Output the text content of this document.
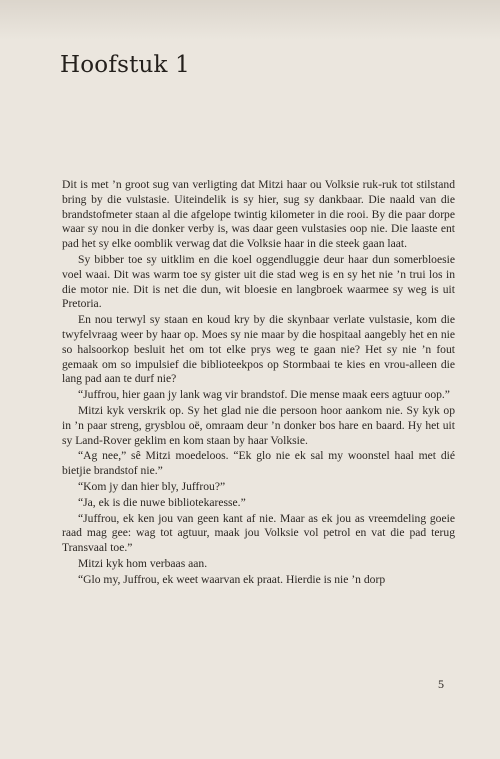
Hoofstuk 1

Dit is met ’n groot sug van verligting dat Mitzi haar ou Volksie ruk-ruk tot stilstand bring by die vulstasie. Uiteindelik is sy hier, sug sy dankbaar. Die naald van die brandstofmeter staan al die afgelope twintig kilometer in die rooi. By die paar dorpe waar sy nou in die donker verby is, was daar geen vulstasies oop nie. Die laaste ent pad het sy elke oomblik verwag dat die Volksie haar in die steek gaan laat.

Sy bibber toe sy uitklim en die koel oggendluggie deur haar dun somerbloesie voel waai. Dit was warm toe sy gister uit die stad weg is en sy het nie ’n trui los in die motor nie. Dit is net die dun, wit bloesie en langbroek waarmee sy weg is uit Pretoria.

En nou terwyl sy staan en koud kry by die skynbaar verlate vulstasie, kom die twyfelvraag weer by haar op. Moes sy nie maar by die hospitaal aangebly het en nie so halsoorkop besluit het om tot elke prys weg te gaan nie? Het sy nie ’n fout gemaak om so impulsief die biblioteekpos op Stormbaai te kies en vrou-alleen die lang pad aan te durf nie?

“Juffrou, hier gaan jy lank wag vir brandstof. Die mense maak eers agtuur oop.”

Mitzi kyk verskrik op. Sy het glad nie die persoon hoor aankom nie. Sy kyk op in ’n paar streng, grysblou oë, omraam deur ’n donker bos hare en baard. Hy het uit sy Land-Rover geklim en kom staan by haar Volksie.

“Ag nee,” sê Mitzi moedeloos. “Ek glo nie ek sal my woonstel haal met dié bietjie brandstof nie.”

“Kom jy dan hier bly, Juffrou?”

“Ja, ek is die nuwe bibliotekaresse.”

“Juffrou, ek ken jou van geen kant af nie. Maar as ek jou as vreemdeling goeie raad mag gee: wag tot agtuur, maak jou Volksie vol petrol en vat die pad terug Transvaal toe.”

Mitzi kyk hom verbaas aan.

“Glo my, Juffrou, ek weet waarvan ek praat. Hierdie is nie ’n dorp

5
